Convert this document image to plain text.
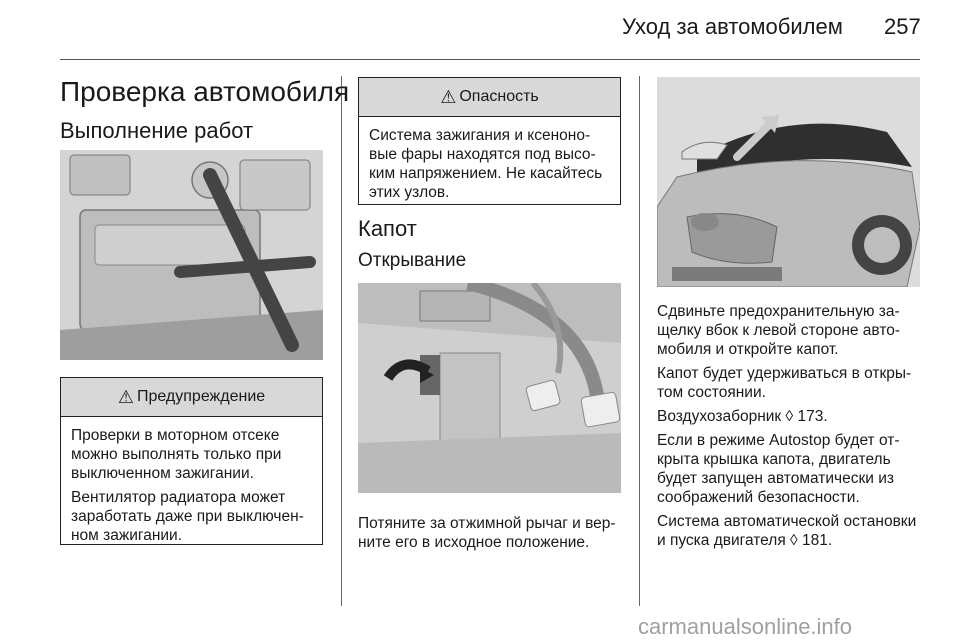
Уход за автомобилем 257
Проверка автомобиля
Выполнение работ
⚠ Предупреждение

Проверки в моторном отсеке можно выполнять только при выключенном зажигании.

Вентилятор радиатора может заработать даже при выключенном зажигании.

⚠ Опасность

Система зажигания и ксеноновые фары находятся под высоким напряжением. Не касайтесь этих узлов.

Капот
Открывание
Потяните за отжимной рычаг и верните его в исходное положение.

Сдвиньте предохранительную защелку вбок к левой стороне автомобиля и откройте капот.

Капот будет удерживаться в открытом состоянии.

Воздухозаборник ◊ 173.

Если в режиме Autostop будет открыта крышка капота, двигатель будет запущен автоматически из соображений безопасности.

Система автоматической остановки и пуска двигателя ◊ 181.

carmanualsonline.info
